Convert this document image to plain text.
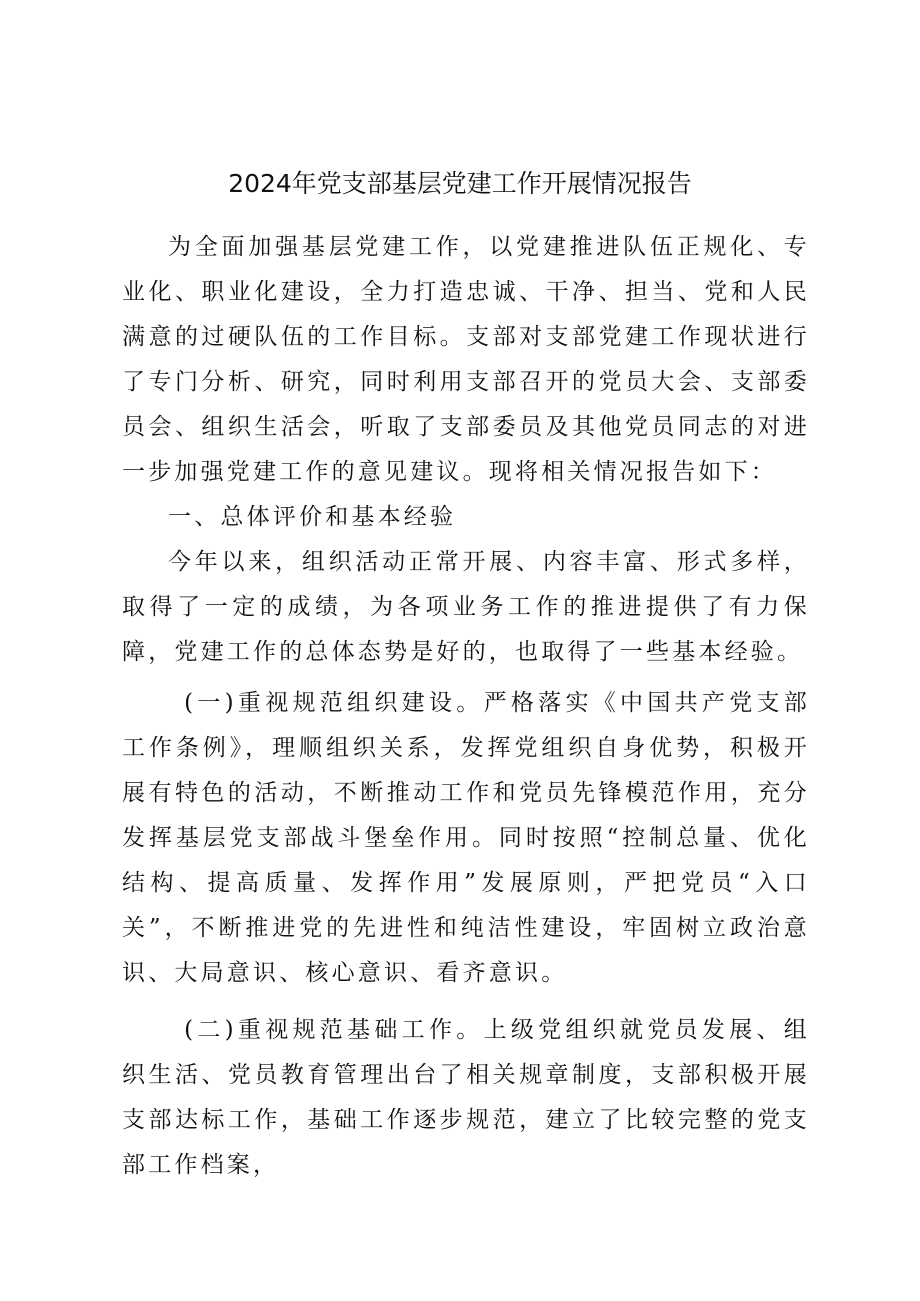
2024年党支部基层党建工作开展情况报告

为全面加强基层党建工作，以党建推进队伍正规化、专业化、职业化建设，全力打造忠诚、干净、担当、党和人民满意的过硬队伍的工作目标。支部对支部党建工作现状进行了专门分析、研究，同时利用支部召开的党员大会、支部委员会、组织生活会，听取了支部委员及其他党员同志的对进一步加强党建工作的意见建议。现将相关情况报告如下：

一、总体评价和基本经验

今年以来，组织活动正常开展、内容丰富、形式多样，取得了一定的成绩，为各项业务工作的推进提供了有力保障，党建工作的总体态势是好的，也取得了一些基本经验。

(一)重视规范组织建设。严格落实《中国共产党支部工作条例》，理顺组织关系，发挥党组织自身优势，积极开展有特色的活动，不断推动工作和党员先锋模范作用，充分发挥基层党支部战斗堡垒作用。同时按照“控制总量、优化结构、提高质量、发挥作用”发展原则，严把党员“入口关”，不断推进党的先进性和纯洁性建设，牢固树立政治意识、大局意识、核心意识、看齐意识。

(二)重视规范基础工作。上级党组织就党员发展、组织生活、党员教育管理出台了相关规章制度，支部积极开展支部达标工作，基础工作逐步规范，建立了比较完整的党支部工作档案，
